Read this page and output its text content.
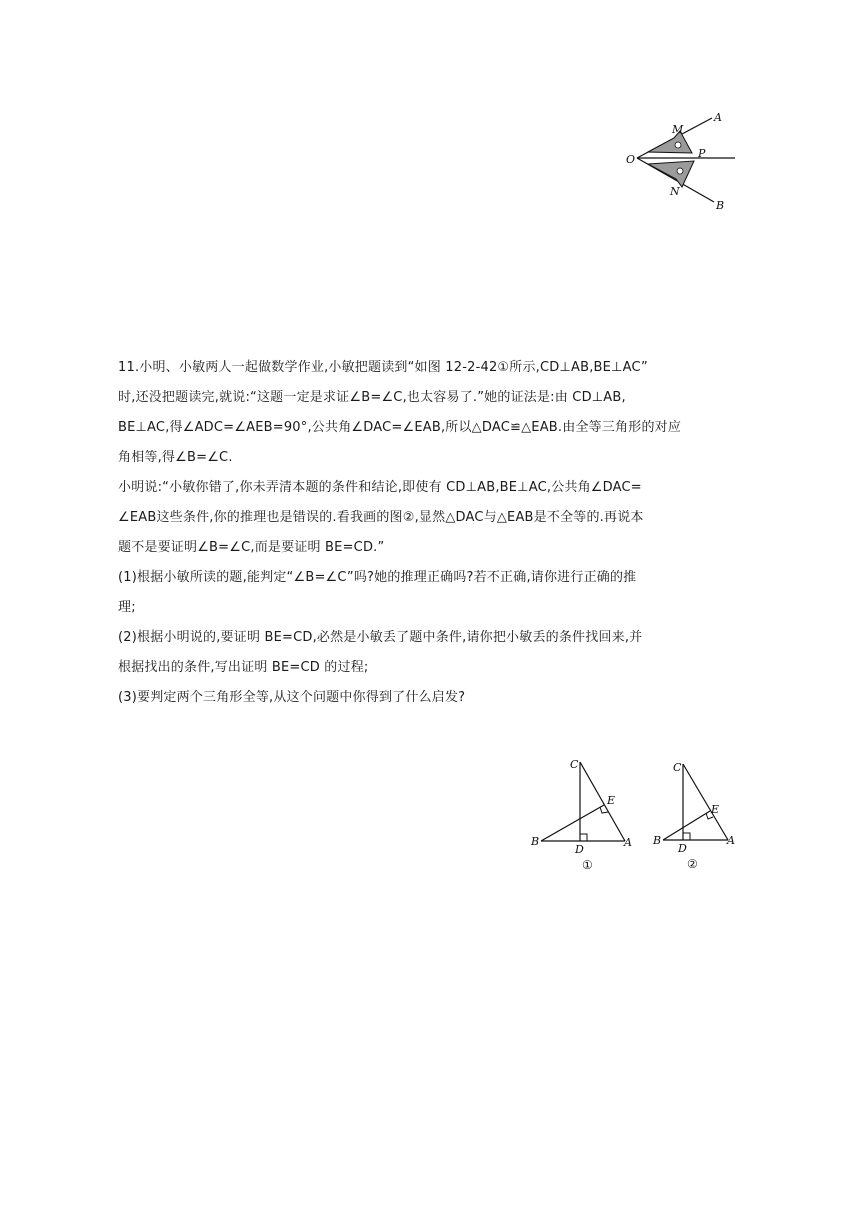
O
M
P
N
A
B

11.小明、小敏两人一起做数学作业,小敏把题读到“如图 12-2-42①所示,CD⊥AB,BE⊥AC”

时,还没把题读完,就说:“这题一定是求证∠B=∠C,也太容易了.”她的证法是:由 CD⊥AB,

BE⊥AC,得∠ADC=∠AEB=90°,公共角∠DAC=∠EAB,所以△DAC≌△EAB.由全等三角形的对应

角相等,得∠B=∠C.

小明说:“小敏你错了,你未弄清本题的条件和结论,即使有 CD⊥AB,BE⊥AC,公共角∠DAC=

∠EAB这些条件,你的推理也是错误的.看我画的图②,显然△DAC与△EAB是不全等的.再说本

题不是要证明∠B=∠C,而是要证明 BE=CD.”

(1)根据小敏所读的题,能判定“∠B=∠C”吗?她的推理正确吗?若不正确,请你进行正确的推

理;

(2)根据小明说的,要证明 BE=CD,必然是小敏丢了题中条件,请你把小敏丢的条件找回来,并

根据找出的条件,写出证明 BE=CD 的过程;

(3)要判定两个三角形全等,从这个问题中你得到了什么启发?

C
E
B
D
A
①
C
E
B
D
A
②
